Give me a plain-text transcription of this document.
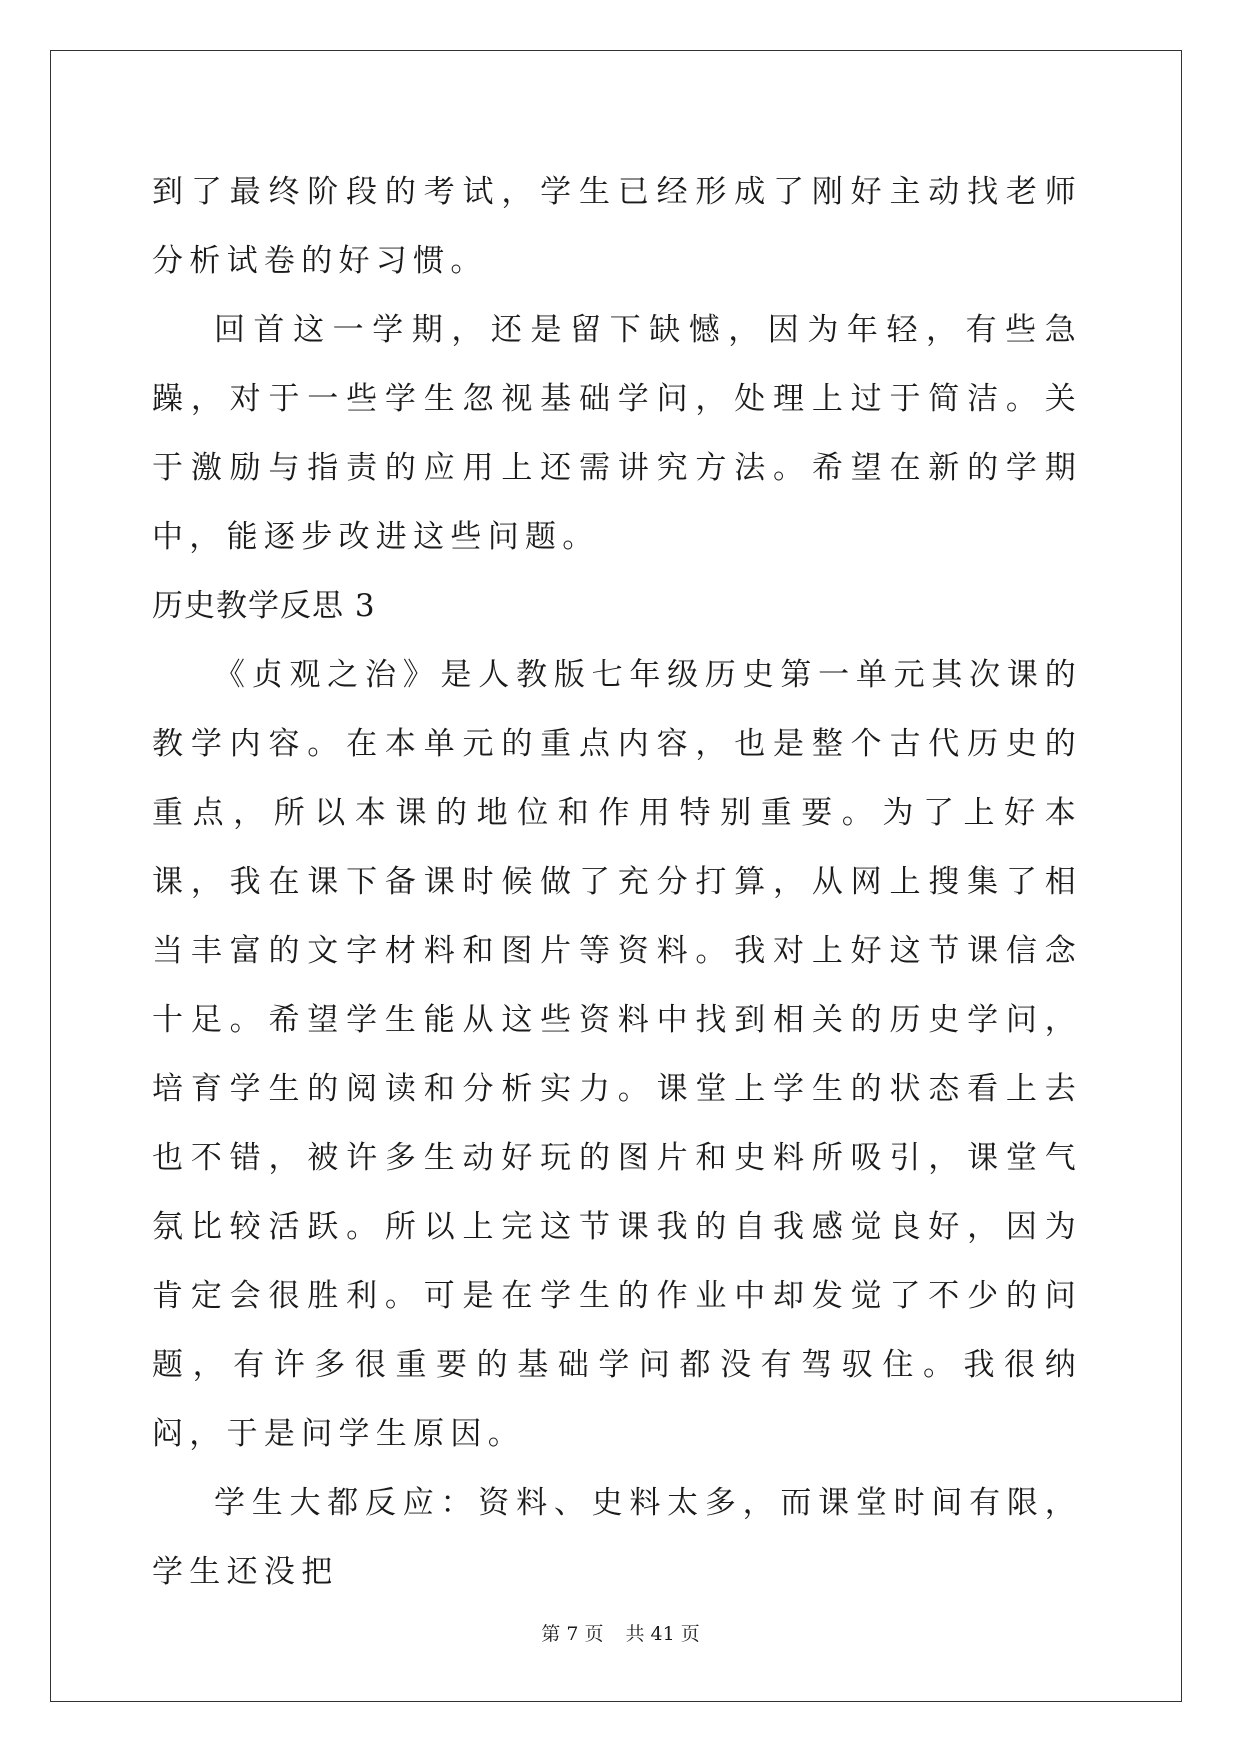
到了最终阶段的考试，学生已经形成了刚好主动找老师分析试卷的好习惯。

回首这一学期，还是留下缺憾，因为年轻，有些急躁，对于一些学生忽视基础学问，处理上过于简洁。关于激励与指责的应用上还需讲究方法。希望在新的学期中，能逐步改进这些问题。

历史教学反思 3

《贞观之治》是人教版七年级历史第一单元其次课的教学内容。在本单元的重点内容，也是整个古代历史的重点，所以本课的地位和作用特别重要。为了上好本课，我在课下备课时候做了充分打算，从网上搜集了相当丰富的文字材料和图片等资料。我对上好这节课信念十足。希望学生能从这些资料中找到相关的历史学问，培育学生的阅读和分析实力。课堂上学生的状态看上去也不错，被许多生动好玩的图片和史料所吸引，课堂气氛比较活跃。所以上完这节课我的自我感觉良好，因为肯定会很胜利。可是在学生的作业中却发觉了不少的问题，有许多很重要的基础学问都没有驾驭住。我很纳闷，于是问学生原因。

学生大都反应：资料、史料太多，而课堂时间有限，学生还没把

第 7 页 共 41 页
